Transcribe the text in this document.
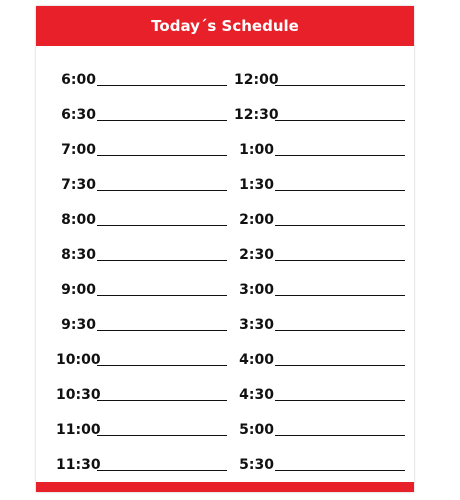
Today´s Schedule
6:00
6:30
7:00
7:30
8:00
8:30
9:00
9:30
10:00
10:30
11:00
11:30
12:00
12:30
1:00
1:30
2:00
2:30
3:00
3:30
4:00
4:30
5:00
5:30
